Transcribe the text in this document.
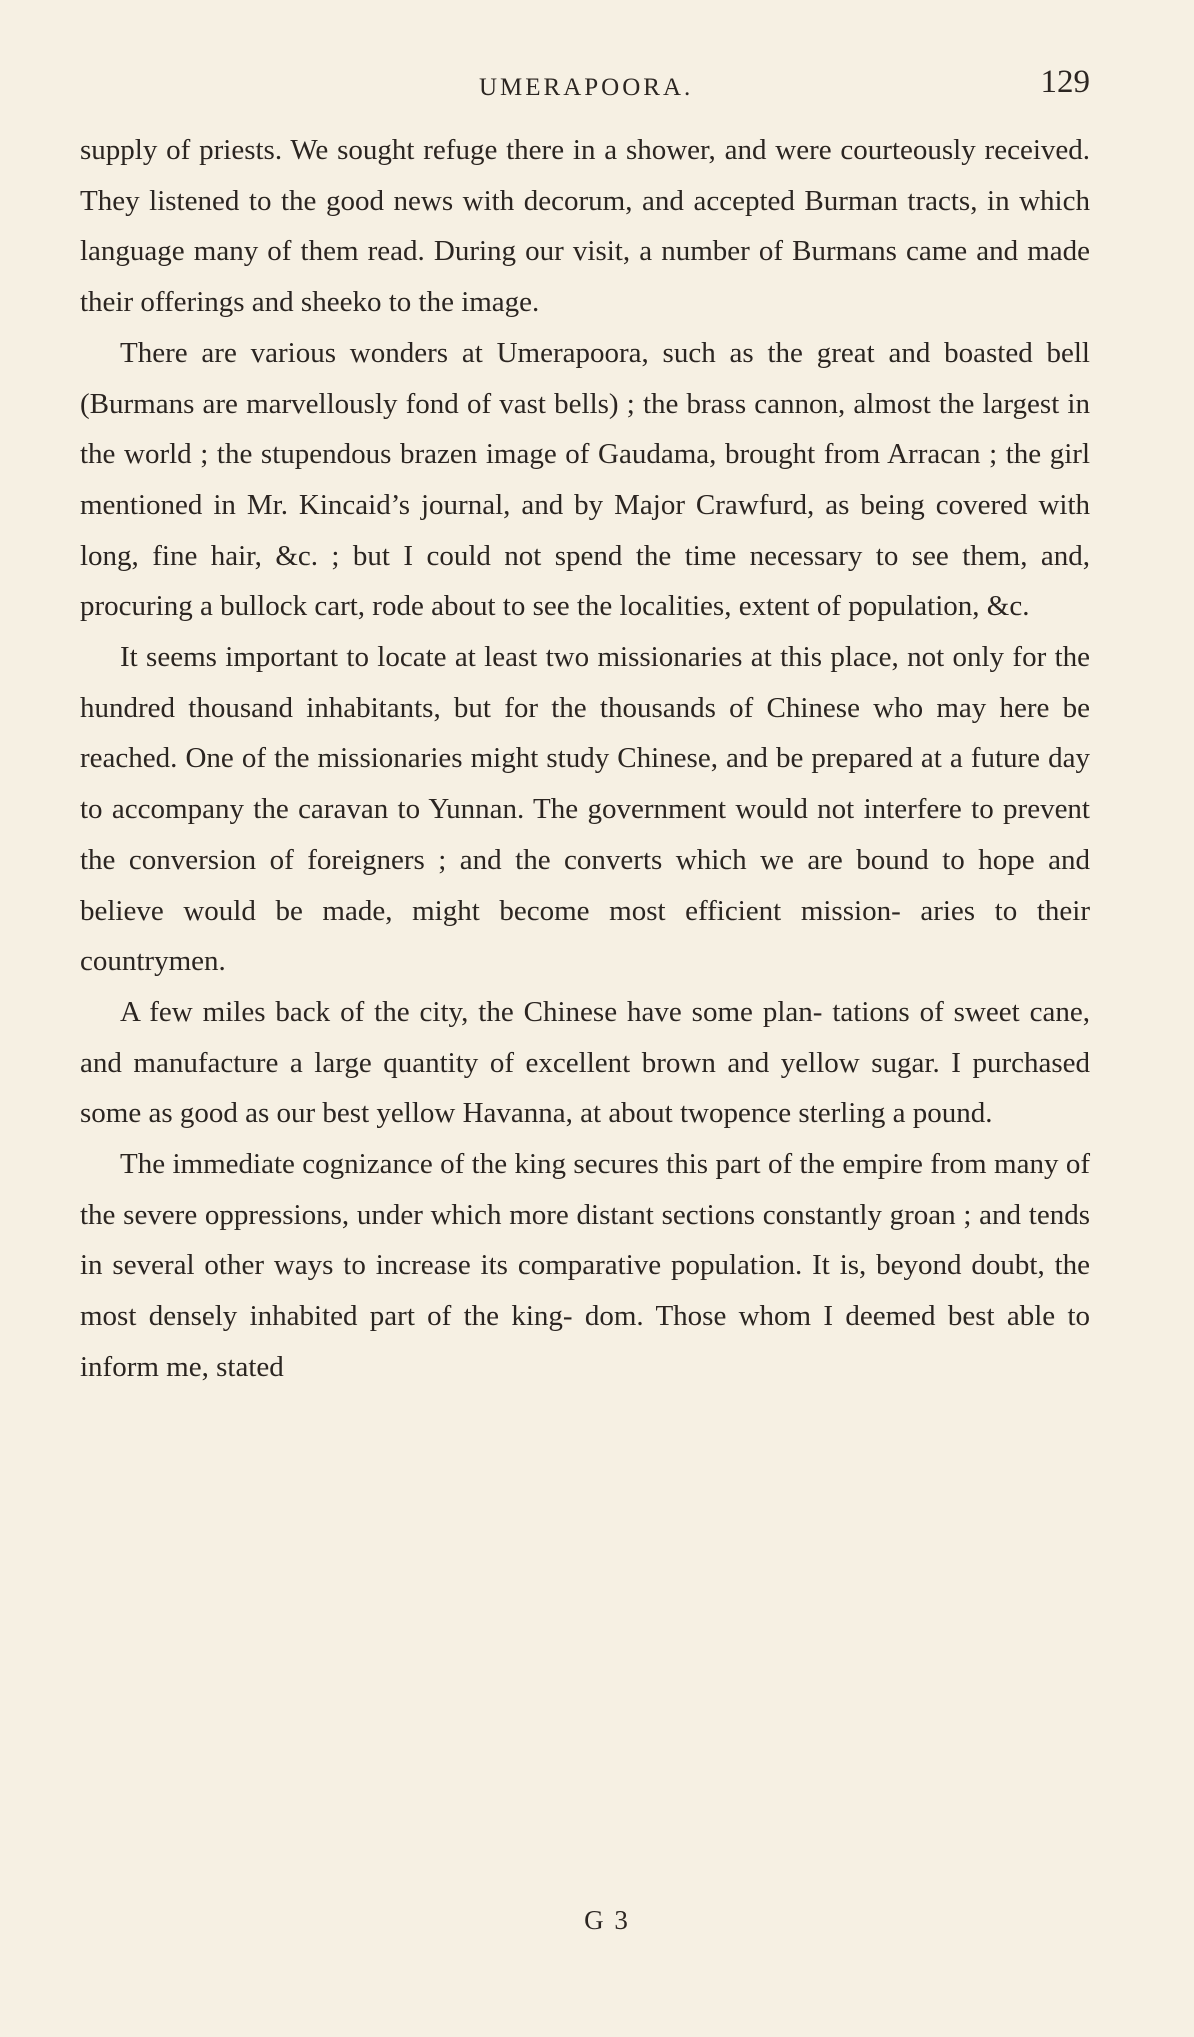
UMERAPOORA.	129

supply of priests. We sought refuge there in a shower, and were courteously received. They listened to the good news with decorum, and accepted Burman tracts, in which language many of them read. During our visit, a number of Burmans came and made their offerings and sheeko to the image.

There are various wonders at Umerapoora, such as the great and boasted bell (Burmans are marvellously fond of vast bells) ; the brass cannon, almost the largest in the world ; the stupendous brazen image of Gaudama, brought from Arracan ; the girl mentioned in Mr. Kincaid’s journal, and by Major Crawfurd, as being covered with long, fine hair, &c. ; but I could not spend the time necessary to see them, and, procuring a bullock cart, rode about to see the localities, extent of population, &c.

It seems important to locate at least two missionaries at this place, not only for the hundred thousand inhabitants, but for the thousands of Chinese who may here be reached. One of the missionaries might study Chinese, and be prepared at a future day to accompany the caravan to Yunnan. The government would not interfere to prevent the conversion of foreigners ; and the converts which we are bound to hope and believe would be made, might become most efficient mission- aries to their countrymen.

A few miles back of the city, the Chinese have some plan- tations of sweet cane, and manufacture a large quantity of excellent brown and yellow sugar. I purchased some as good as our best yellow Havanna, at about twopence sterling a pound.

The immediate cognizance of the king secures this part of the empire from many of the severe oppressions, under which more distant sections constantly groan ; and tends in several other ways to increase its comparative population. It is, beyond doubt, the most densely inhabited part of the king- dom. Those whom I deemed best able to inform me, stated

G 3
